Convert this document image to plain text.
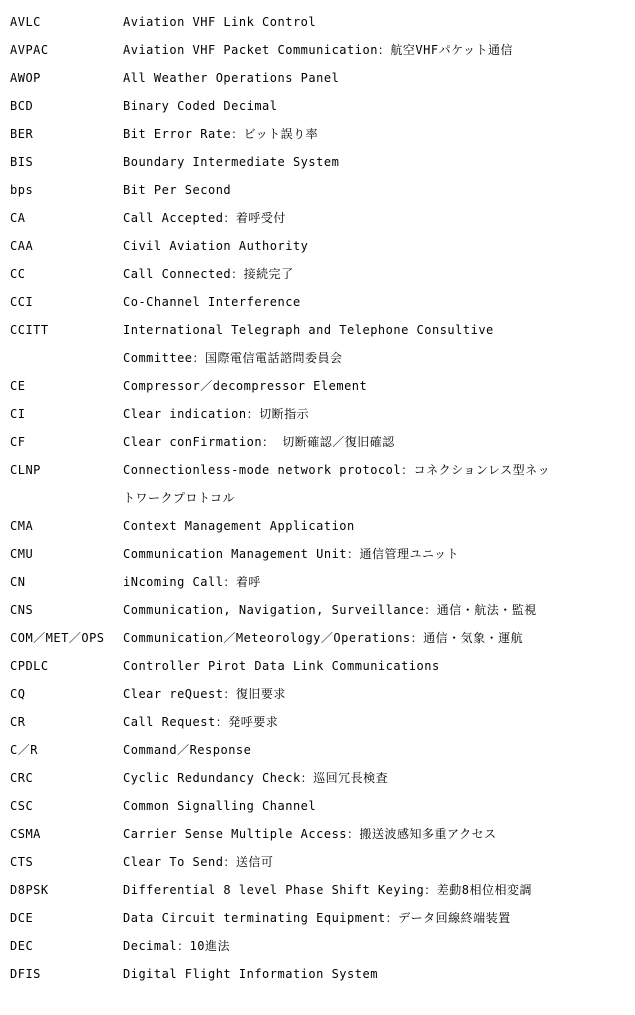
AVLC	Aviation VHF Link Control
AVPAC	Aviation VHF Packet Communication：航空VHFパケット通信
AWOP	All Weather Operations Panel
BCD	Binary Coded Decimal
BER	Bit Error Rate：ビット誤り率
BIS	Boundary Intermediate System
bps	Bit Per Second
CA	Call Accepted：着呼受付
CAA	Civil Aviation Authority
CC	Call Connected：接続完了
CCI	Co-Channel Interference
CCITT	International Telegraph and Telephone Consultive
Committee：国際電信電話諮問委員会
CE	Compressor／decompressor Element
CI	Clear indication：切断指示
CF	Clear conFirmation： 切断確認／復旧確認
CLNP	Connectionless-mode network protocol：コネクションレス型ネッ
トワークプロトコル
CMA	Context Management Application
CMU	Communication Management Unit：通信管理ユニット
CN	iNcoming Call：着呼
CNS	Communication, Navigation, Surveillance：通信・航法・監視
COM／MET／OPS Communication／Meteorology／Operations：通信・気象・運航
CPDLC	Controller Pirot Data Link Communications
CQ	Clear reQuest：復旧要求
CR	Call Request：発呼要求
C／R	Command／Response
CRC	Cyclic Redundancy Check：巡回冗長検査
CSC	Common Signalling Channel
CSMA	Carrier Sense Multiple Access：搬送波感知多重アクセス
CTS	Clear To Send：送信可
D8PSK	Differential 8 level Phase Shift Keying：差動8相位相変調
DCE	Data Circuit terminating Equipment：データ回線終端装置
DEC	Decimal：10進法
DFIS	Digital Flight Information System
